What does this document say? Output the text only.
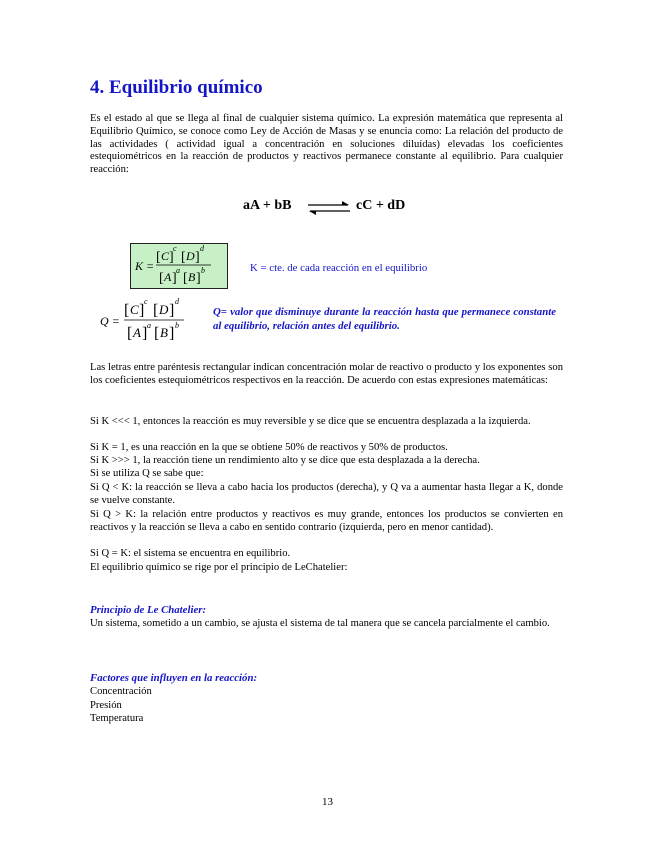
4. Equilibrio químico

Es el estado al que se llega al final de cualquier sistema químico. La expresión matemática que representa al Equilibrio Químico, se conoce como Ley de Acción de Masas y se enuncia como: La relación del producto de las actividades ( actividad igual a concentración en soluciones diluídas) elevadas los coeficientes estequiométricos en la reacción de productos y reactivos permanece constante al equilibrio. Para cualquier reacción:

aA + bB ⇌ cC + dD
K =
[ C ]
c
[ D ]
d
[ A ]
a
[ B ]
b	K = cte. de cada reacción en el equilibrio
Q =
[ C ]
c
[ D ]
d
[ A ] a [ B ] b

Q= valor que disminuye durante la reacción hasta que permanece constante al equilibrio, relación antes del equilibrio.

Las letras entre paréntesis rectangular indican concentración molar de reactivo o producto y los exponentes son los coeficientes estequiométricos respectivos en la reacción. De acuerdo con estas expresiones matemáticas:

Si K <<< 1, entonces la reacción es muy reversible y se dice que se encuentra desplazada a la izquierda.

Si K = 1, es una reacción en la que se obtiene 50% de reactivos y 50% de productos.

Si K >>> 1, la reacción tiene un rendimiento alto y se dice que esta desplazada a la derecha.

Si se utiliza Q se sabe que:

Si Q < K: la reacción se lleva a cabo hacia los productos (derecha), y Q va a aumentar hasta llegar a K, donde se vuelve constante.

Si Q > K: la relación entre productos y reactivos es muy grande, entonces los productos se convierten en reactivos y la reacción se lleva a cabo en sentido contrario (izquierda, pero en menor cantidad).

Si Q = K: el sistema se encuentra en equilibrio.

El equilibrio químico se rige por el principio de LeChatelier:

Principio de Le Chatelier:

Un sistema, sometido a un cambio, se ajusta el sistema de tal manera que se cancela parcialmente el cambio.

Factores que influyen en la reacción:

Concentración

Presión

Temperatura

13
